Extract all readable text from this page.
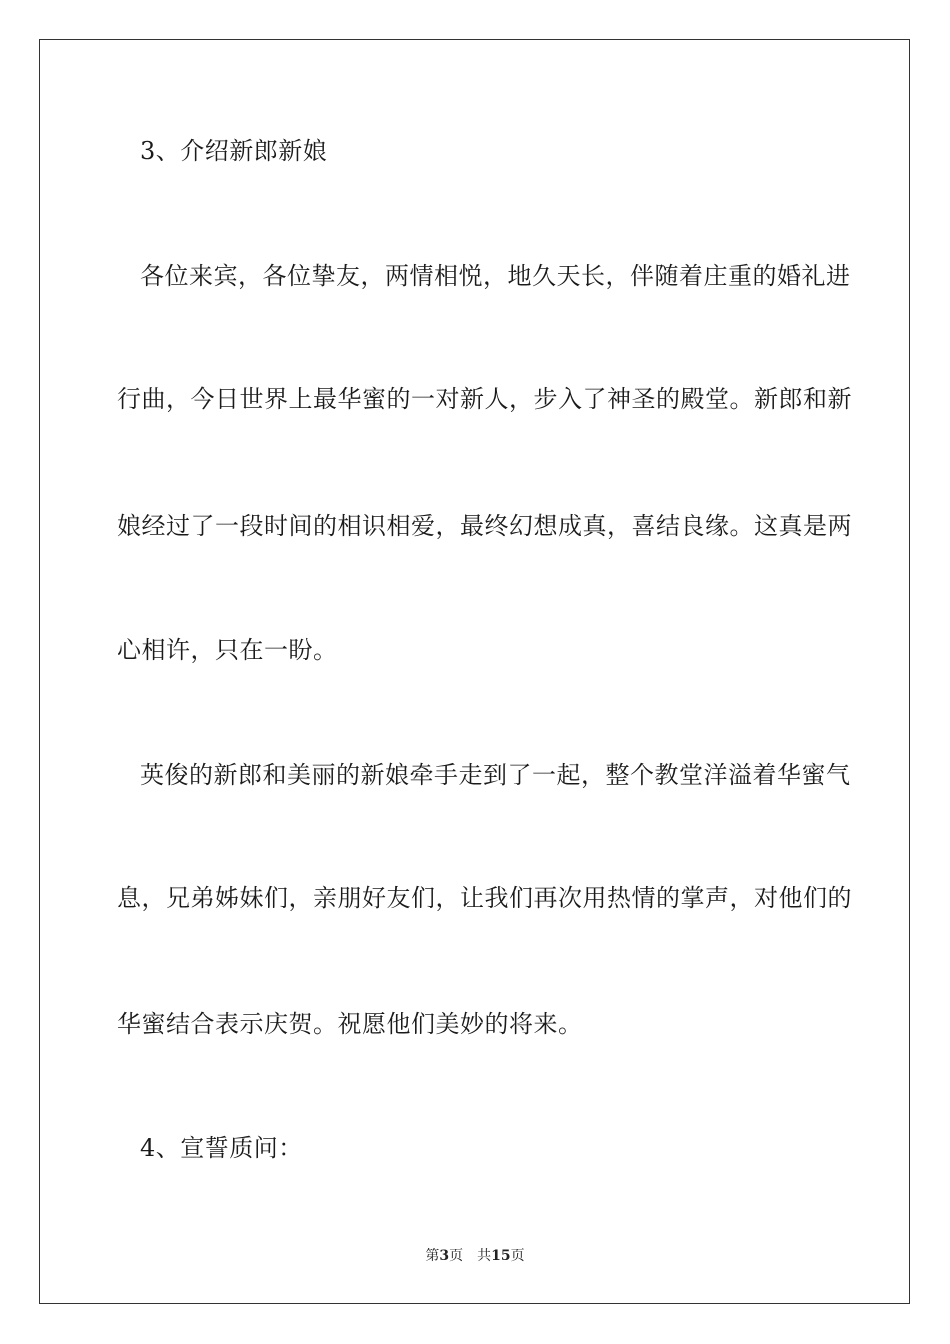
3、介绍新郎新娘
各位来宾，各位挚友，两情相悦，地久天长，伴随着庄重的婚礼进
行曲，今日世界上最华蜜的一对新人，步入了神圣的殿堂。新郎和新
娘经过了一段时间的相识相爱，最终幻想成真，喜结良缘。这真是两
心相许，只在一盼。
英俊的新郎和美丽的新娘牵手走到了一起，整个教堂洋溢着华蜜气
息，兄弟姊妹们，亲朋好友们，让我们再次用热情的掌声，对他们的
华蜜结合表示庆贺。祝愿他们美妙的将来。
4、宣誓质问：
第3页 共15页
